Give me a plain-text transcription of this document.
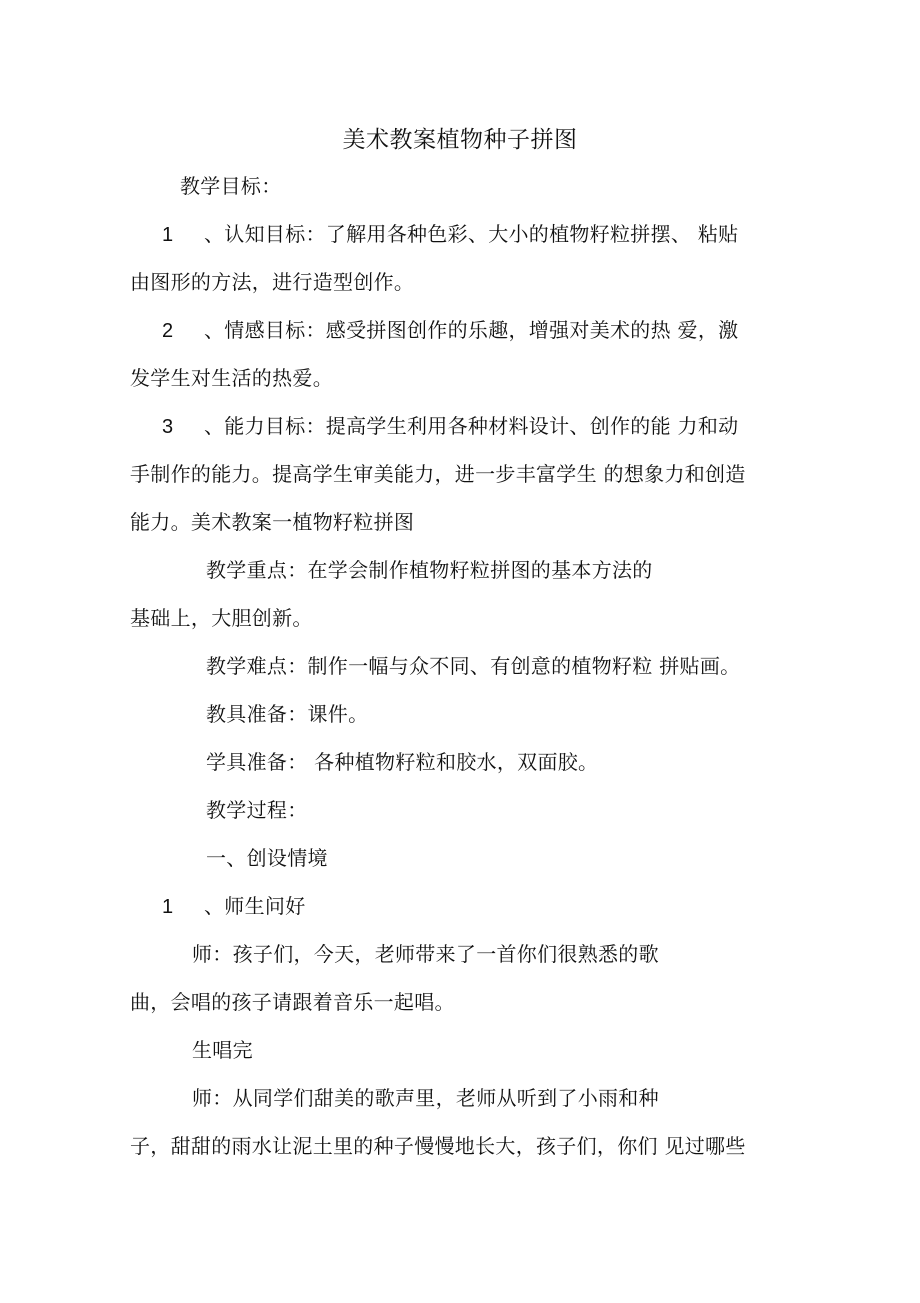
美术教案植物种子拼图
教学目标：
1 、认知目标：了解用各种色彩、大小的植物籽粒拼摆、 粘贴
由图形的方法，进行造型创作。
2 、情感目标：感受拼图创作的乐趣，增强对美术的热 爱，激
发学生对生活的热爱。
3 、能力目标：提高学生利用各种材料设计、创作的能 力和动
手制作的能力。提高学生审美能力，进一步丰富学生 的想象力和创造
能力。美术教案一植物籽粒拼图
教学重点：在学会制作植物籽粒拼图的基本方法的
基础上，大胆创新。
教学难点：制作一幅与众不同、有创意的植物籽粒 拼贴画。
教具准备：课件。
学具准备： 各种植物籽粒和胶水，双面胶。
教学过程：
一、创设情境
1 、师生问好
师：孩子们，今天，老师带来了一首你们很熟悉的歌
曲，会唱的孩子请跟着音乐一起唱。
生唱完
师：从同学们甜美的歌声里，老师从听到了小雨和种
子，甜甜的雨水让泥土里的种子慢慢地长大，孩子们，你们 见过哪些
